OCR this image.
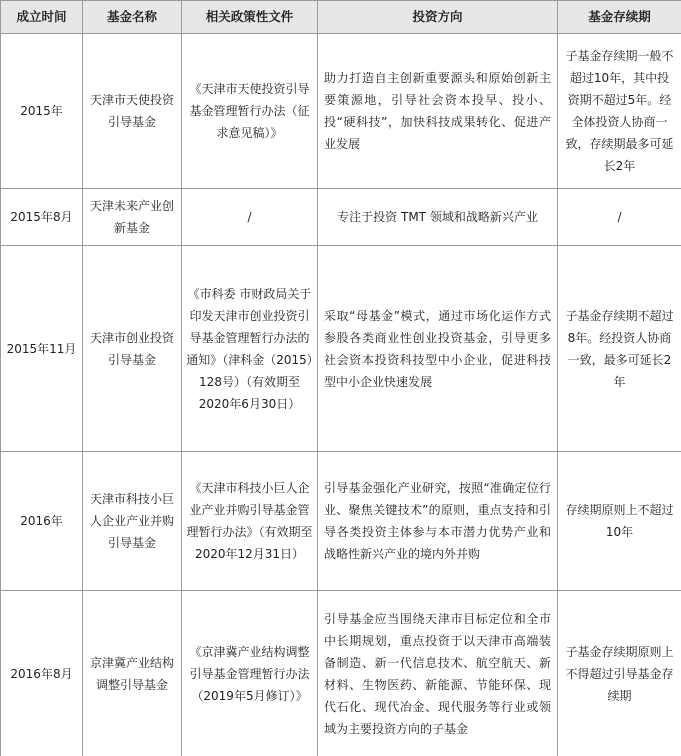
成立时间	基金名称	相关政策性文件	投资方向	基金存续期
2015年	天津市天使投资引导基金	《天津市天使投资引导基金管理暂行办法（征求意见稿）》	助力打造自主创新重要源头和原始创新主要策源地，引导社会资本投早、投小、投“硬科技”，加快科技成果转化、促进产业发展	子基金存续期一般不超过10年，其中投资期不超过5年。经全体投资人协商一致，存续期最多可延长2年
2015年8月	天津未来产业创新基金	/	专注于投资 TMT 领域和战略新兴产业	/
2015年11月	天津市创业投资引导基金	《市科委 市财政局关于印发天津市创业投资引导基金管理暂行办法的通知》（津科金（2015）128号）（有效期至2020年6月30日）	采取“母基金”模式，通过市场化运作方式参股各类商业性创业投资基金，引导更多社会资本投资科技型中小企业，促进科技型中小企业快速发展	子基金存续期不超过8年。经投资人协商一致，最多可延长2年
2016年	天津市科技小巨人企业产业并购引导基金	《天津市科技小巨人企业产业并购引导基金管理暂行办法》（有效期至2020年12月31日）	引导基金强化产业研究，按照“准确定位行业、聚焦关键技术”的原则，重点支持和引导各类投资主体参与本市潜力优势产业和战略性新兴产业的境内外并购	存续期原则上不超过10年
2016年8月	京津冀产业结构调整引导基金	《京津冀产业结构调整引导基金管理暂行办法（2019年5月修订）》	引导基金应当围绕天津市目标定位和全市中长期规划，重点投资于以天津市高端装备制造、新一代信息技术、航空航天、新材料、生物医药、新能源、节能环保、现代石化、现代冶金、现代服务等行业或领域为主要投资方向的子基金	子基金存续期原则上不得超过引导基金存续期
